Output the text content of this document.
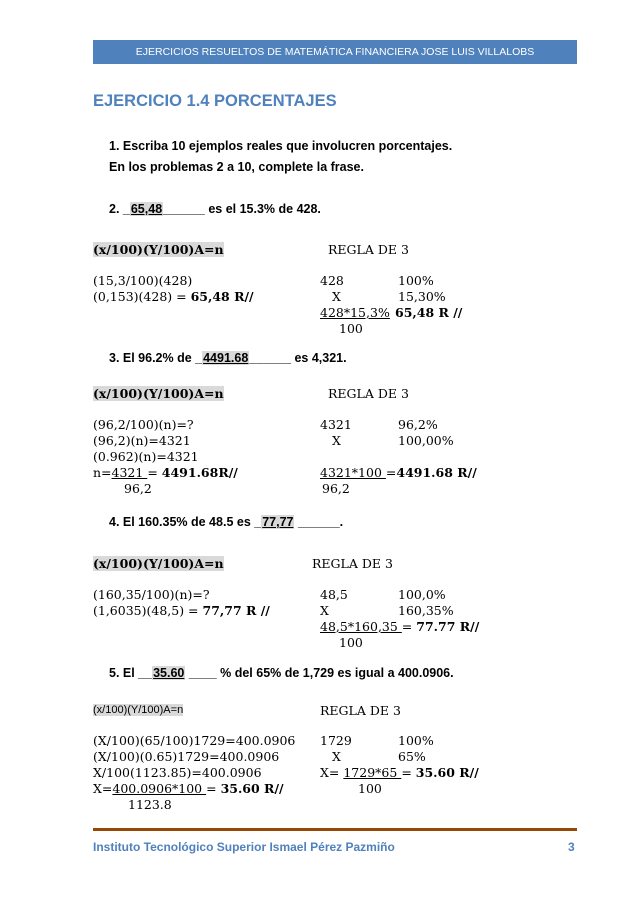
EJERCICIOS RESUELTOS DE MATEMÁTICA FINANCIERA JOSE LUIS VILLALOBS
EJERCICIO 1.4 PORCENTAJES
1. Escriba 10 ejemplos reales que involucren porcentajes.
En los problemas 2 a 10, complete la frase.
2. _65,48______ es el 15.3% de 428.
(x/100)(Y/100)A=n	REGLA DE 3
(15,3/100)(428)
(0,153)(428) = 65,48 R//
428	100%
X	15,30%
428*15,3% 65,48 R //
100
3. El 96.2% de _4491.68______ es 4,321.
(x/100)(Y/100)A=n	REGLA DE 3
(96,2/100)(n)=?
(96,2)(n)=4321
(0.962)(n)=4321
n=4321 = 4491.68R//
96,2
4321	96,2%
X	100,00%
4321*100 =4491.68 R//
96,2
4. El 160.35% de 48.5 es _77,77 ______.
(x/100)(Y/100)A=n	REGLA DE 3
(160,35/100)(n)=?
(1,6035)(48,5) = 77,77 R //
48,5	100,0%
X	160,35%
48,5*160,35 = 77.77 R//
100
5. El __35.60 ____ % del 65% de 1,729 es igual a 400.0906.
(x/100)(Y/100)A=n	REGLA DE 3
(X/100)(65/100)1729=400.0906
(X/100)(0.65)1729=400.0906
X/100(1123.85)=400.0906
X=400.0906*100 = 35.60 R//
1123.8
1729	100%
X	65%
X= 1729*65 = 35.60 R//
100
Instituto Tecnológico Superior Ismael Pérez Pazmiño	3
